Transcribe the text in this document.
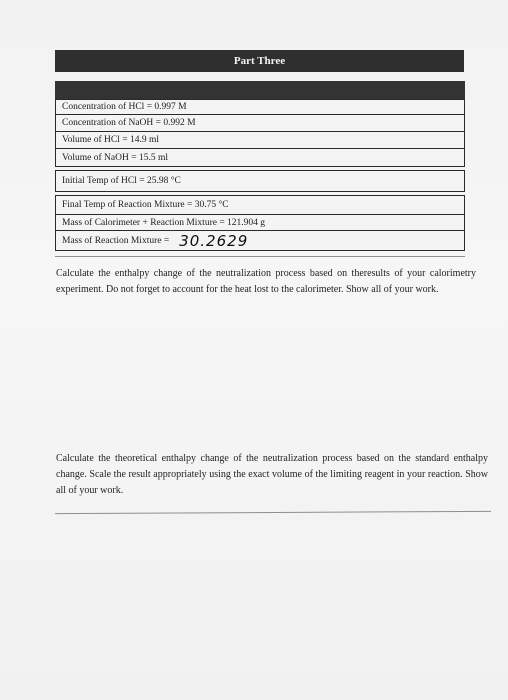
Part Three
Concentration of HCl = 0.997 M
Concentration of NaOH = 0.992 M
Volume of HCl = 14.9 ml
Volume of NaOH = 15.5 ml
Initial Temp of HCl = 25.98 °C
Final Temp of Reaction Mixture = 30.75 °C
Mass of Calorimeter + Reaction Mixture = 121.904 g
Mass of Reaction Mixture = 30.2629
Calculate the enthalpy change of the neutralization process based on theresults of your calorimetry experiment. Do not forget to account for the heat lost to the calorimeter. Show all of your work.
Calculate the theoretical enthalpy change of the neutralization process based on the standard enthalpy change. Scale the result appropriately using the exact volume of the limiting reagent in your reaction. Show all of your work.
